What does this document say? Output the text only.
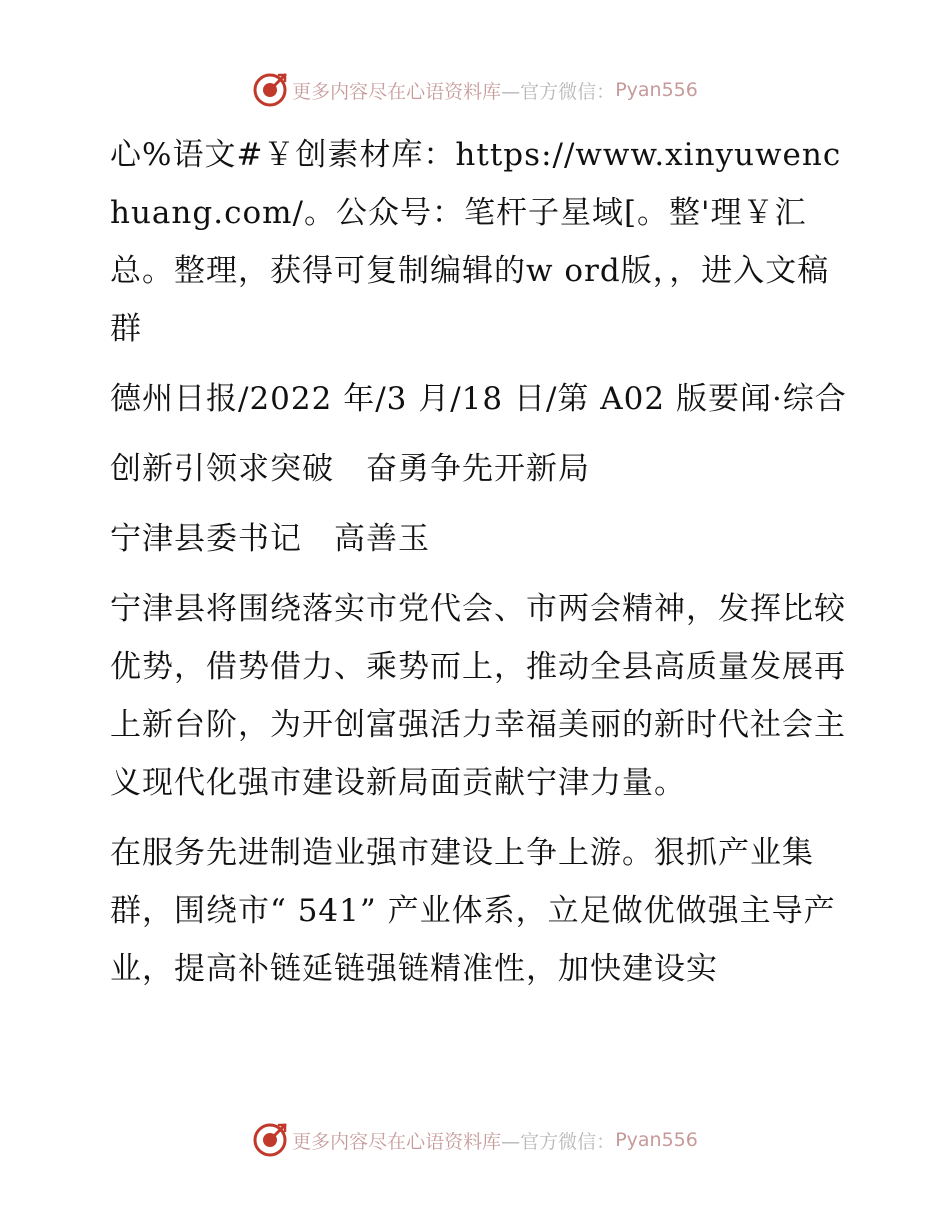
更多内容尽在心语资料库 —官方微信： Pyan556

心%语文#￥创素材库：https://www.xinyuwenchuang.com/。公众号：笔杆子星域[。整'理￥汇总。整理，获得可复制编辑的w ord版，，进入文稿群

德州日报/2022 年/3 月/18 日/第 A02 版要闻·综合

创新引领求突破　奋勇争先开新局

宁津县委书记　高善玉

宁津县将围绕落实市党代会、市两会精神，发挥比较优势，借势借力、乘势而上，推动全县高质量发展再上新台阶，为开创富强活力幸福美丽的新时代社会主义现代化强市建设新局面贡献宁津力量。

在服务先进制造业强市建设上争上游。狠抓产业集群，围绕市“ 541” 产业体系，立足做优做强主导产业，提高补链延链强链精准性，加快建设实

更多内容尽在心语资料库 —官方微信： Pyan556
